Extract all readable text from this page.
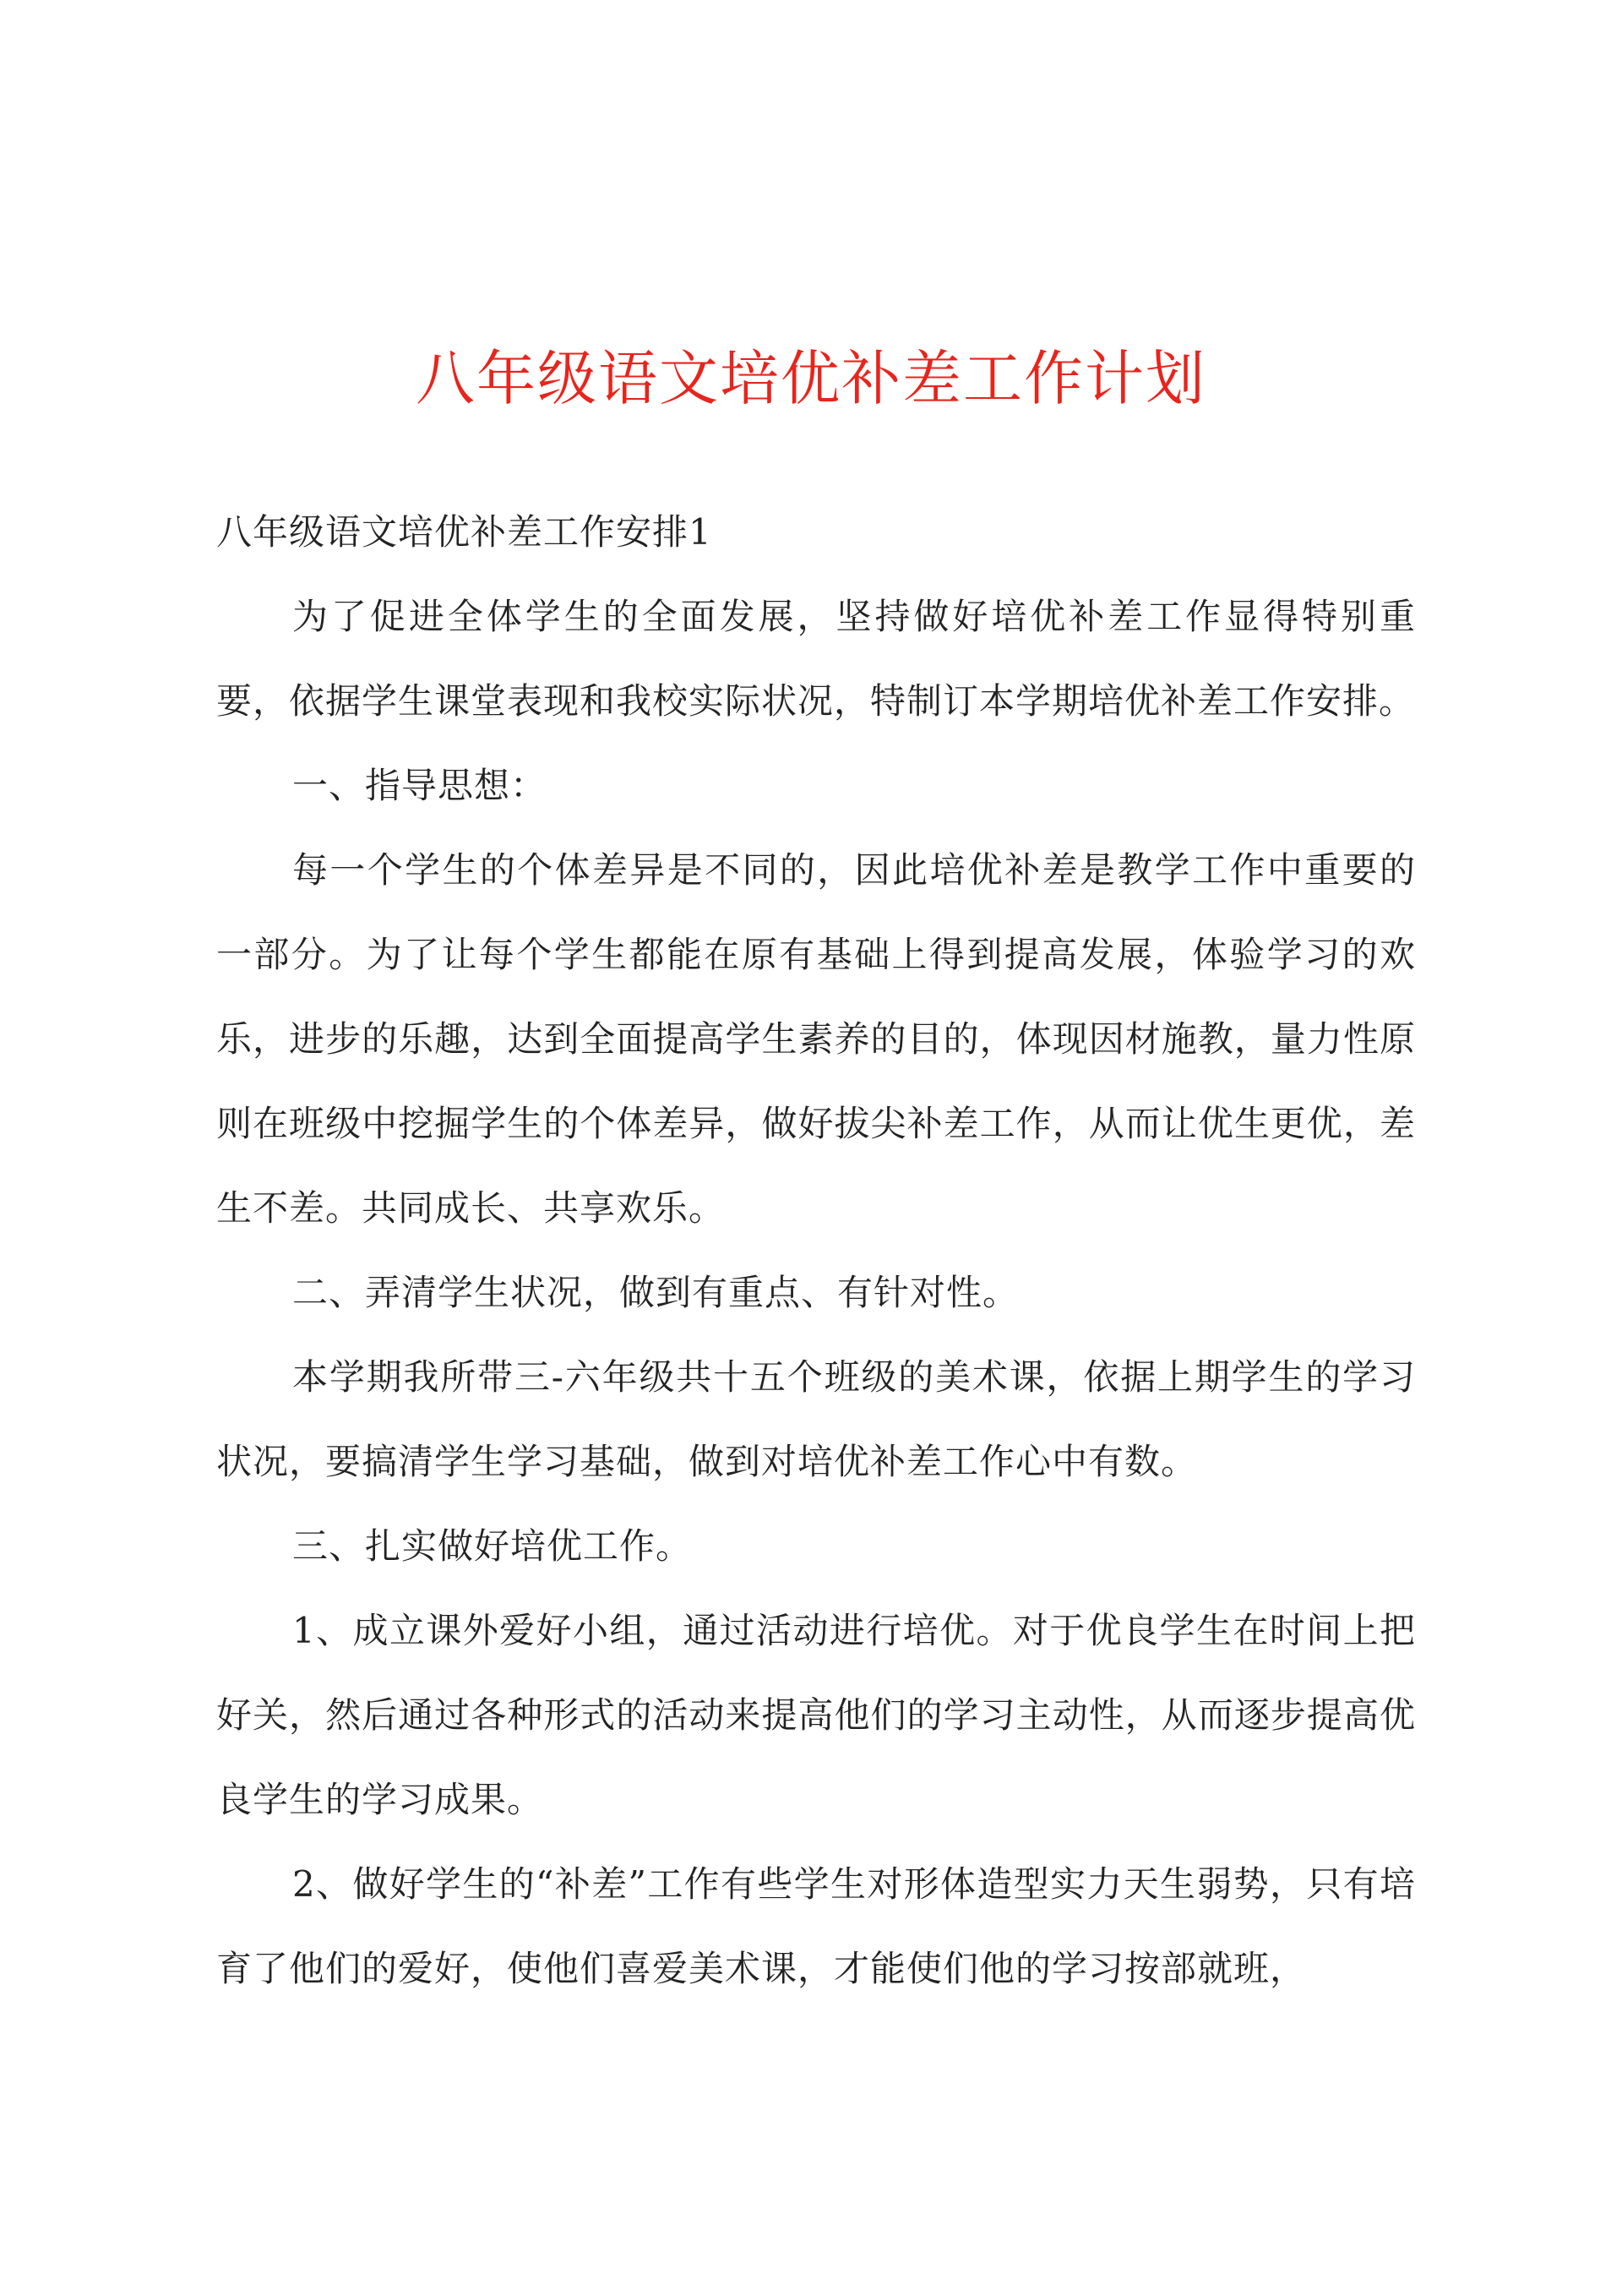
八年级语文培优补差工作计划

八年级语文培优补差工作安排1

为了促进全体学生的全面发展，坚持做好培优补差工作显得特别重要，依据学生课堂表现和我校实际状况，特制订本学期培优补差工作安排。

一、指导思想：

每一个学生的个体差异是不同的，因此培优补差是教学工作中重要的一部分。为了让每个学生都能在原有基础上得到提高发展，体验学习的欢乐，进步的乐趣，达到全面提高学生素养的目的，体现因材施教，量力性原则在班级中挖掘学生的个体差异，做好拔尖补差工作，从而让优生更优，差生不差。共同成长、共享欢乐。

二、弄清学生状况，做到有重点、有针对性。

本学期我所带三-六年级共十五个班级的美术课，依据上期学生的学习状况，要搞清学生学习基础，做到对培优补差工作心中有数。

三、扎实做好培优工作。

1、成立课外爱好小组，通过活动进行培优。对于优良学生在时间上把好关，然后通过各种形式的活动来提高他们的学习主动性，从而逐步提高优良学生的学习成果。

2、做好学生的“补差”工作有些学生对形体造型实力天生弱势，只有培育了他们的爱好，使他们喜爱美术课，才能使们他的学习按部就班，
